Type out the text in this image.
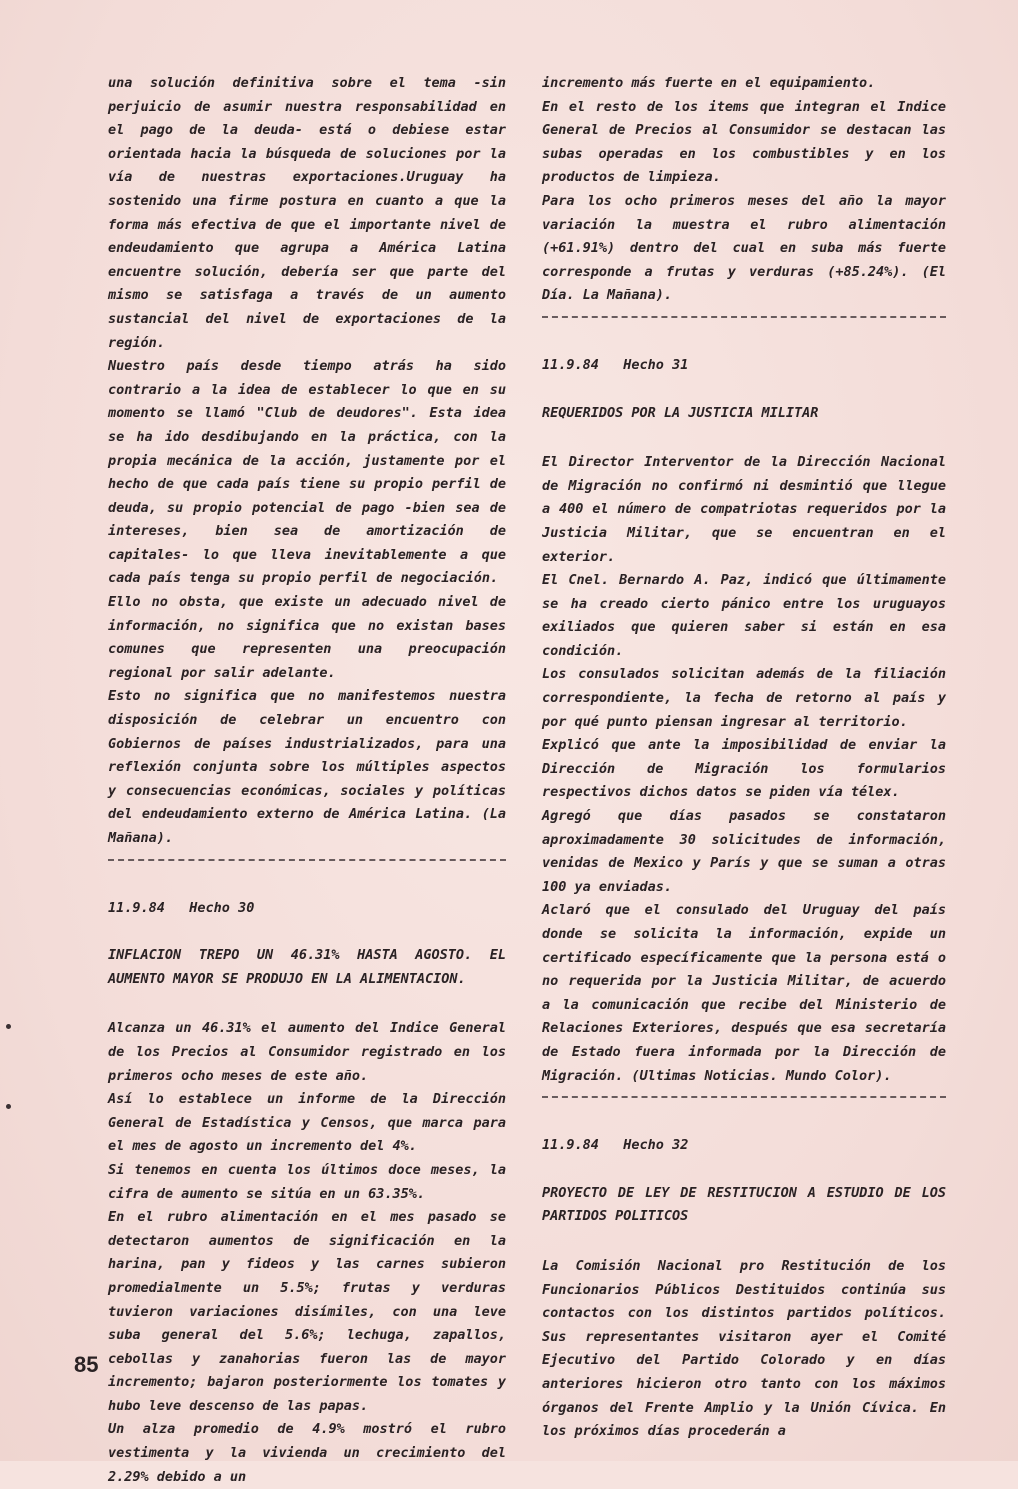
una solución definitiva sobre el tema -sin perjuicio de asumir nuestra responsabilidad en el pago de la deuda- está o debiese estar orientada hacia la búsqueda de soluciones por la vía de nuestras exportaciones.Uruguay ha sostenido una firme postura en cuanto a que la forma más efectiva de que el importante nivel de endeudamiento que agrupa a América Latina encuentre solución, debería ser que parte del mismo se satisfaga a través de un aumento sustancial del nivel de exportaciones de la región.

Nuestro país desde tiempo atrás ha sido contrario a la idea de establecer lo que en su momento se llamó "Club de deudores". Esta idea se ha ido desdibujando en la práctica, con la propia mecánica de la acción, justamente por el hecho de que cada país tiene su propio perfil de deuda, su propio potencial de pago -bien sea de intereses, bien sea de amortización de capitales- lo que lleva inevitablemente a que cada país tenga su propio perfil de negociación.

Ello no obsta, que existe un adecuado nivel de información, no significa que no existan bases comunes que representen una preocupación regional por salir adelante.

Esto no significa que no manifestemos nuestra disposición de celebrar un encuentro con Gobiernos de países industrializados, para una reflexión conjunta sobre los múltiples aspectos y consecuencias económicas, sociales y políticas del endeudamiento externo de América Latina. (La Mañana).

11.9.84 Hecho 30

INFLACION TREPO UN 46.31% HASTA AGOSTO. EL AUMENTO MAYOR SE PRODUJO EN LA ALIMENTACION.

Alcanza un 46.31% el aumento del Indice General de los Precios al Consumidor registrado en los primeros ocho meses de este año.

Así lo establece un informe de la Dirección General de Estadística y Censos, que marca para el mes de agosto un incremento del 4%.

Si tenemos en cuenta los últimos doce meses, la cifra de aumento se sitúa en un 63.35%.

En el rubro alimentación en el mes pasado se detectaron aumentos de significación en la harina, pan y fideos y las carnes subieron promedialmente un 5.5%; frutas y verduras tuvieron variaciones disímiles, con una leve suba general del 5.6%; lechuga, zapallos, cebollas y zanahorias fueron las de mayor incremento; bajaron posteriormente los tomates y hubo leve descenso de las papas.

Un alza promedio de 4.9% mostró el rubro vestimenta y la vivienda un crecimiento del 2.29% debido a un

incremento más fuerte en el equipamiento.

En el resto de los items que integran el Indice General de Precios al Consumidor se destacan las subas operadas en los combustibles y en los productos de limpieza.

Para los ocho primeros meses del año la mayor variación la muestra el rubro alimentación (+61.91%) dentro del cual en suba más fuerte corresponde a frutas y verduras (+85.24%). (El Día. La Mañana).

11.9.84 Hecho 31

REQUERIDOS POR LA JUSTICIA MILITAR

El Director Interventor de la Dirección Nacional de Migración no confirmó ni desmintió que llegue a 400 el número de compatriotas requeridos por la Justicia Militar, que se encuentran en el exterior.

El Cnel. Bernardo A. Paz, indicó que últimamente se ha creado cierto pánico entre los uruguayos exiliados que quieren saber si están en esa condición.

Los consulados solicitan además de la filiación correspondiente, la fecha de retorno al país y por qué punto piensan ingresar al territorio.

Explicó que ante la imposibilidad de enviar la Dirección de Migración los formularios respectivos dichos datos se piden vía télex.

Agregó que días pasados se constataron aproximadamente 30 solicitudes de información, venidas de Mexico y París y que se suman a otras 100 ya enviadas.

Aclaró que el consulado del Uruguay del país donde se solicita la información, expide un certificado específicamente que la persona está o no requerida por la Justicia Militar, de acuerdo a la comunicación que recibe del Ministerio de Relaciones Exteriores, después que esa secretaría de Estado fuera informada por la Dirección de Migración. (Ultimas Noticias. Mundo Color).

11.9.84 Hecho 32

PROYECTO DE LEY DE RESTITUCION A ESTUDIO DE LOS PARTIDOS POLITICOS

La Comisión Nacional pro Restitución de los Funcionarios Públicos Destituidos continúa sus contactos con los distintos partidos políticos. Sus representantes visitaron ayer el Comité Ejecutivo del Partido Colorado y en días anteriores hicieron otro tanto con los máximos órganos del Frente Amplio y la Unión Cívica. En los próximos días procederán a

85
